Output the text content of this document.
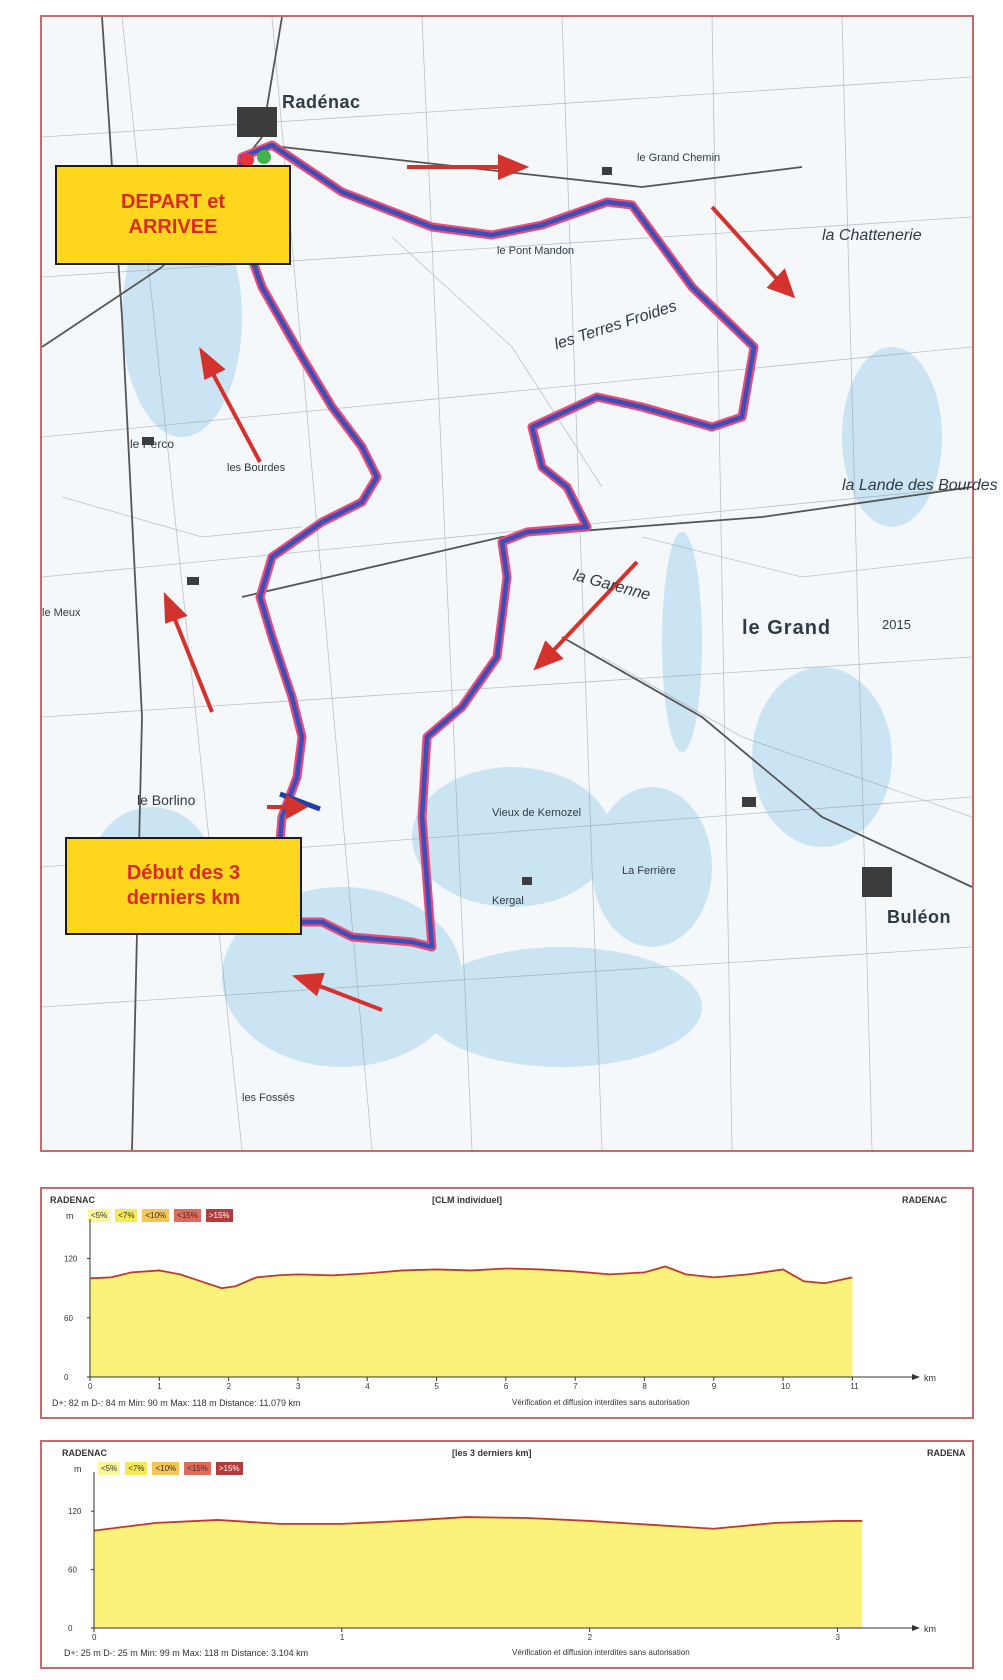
DEPART et
ARRIVEE
Début des 3
derniers km
Radénac
Buléon
le Grand
les Terres Froides
la Chattenerie
la Lande des Bourdes
la Garenne
Vieux de Kernozel
2015
le Grand Chemin
le Pont Mandon
le Borlino
les Bourdes
Kergal
La Ferrière
le Perco
le Meux
les Fossés
RADENAC	[CLM individuel]	RADENAC
m	<5%	<7%	<10%	<15%	>15%
0
60
120
0	1	2	3	4	5	6	7	8	9	10	11
km
D+: 82 m D-: 84 m Min: 90 m Max: 118 m Distance: 11.079 km	Vérification et diffusion interdites sans autorisation
RADENAC	[les 3 derniers km]	RADENA
m	<5%	<7%	<10%	<15%	>15%
0
60
120
0	1	2	3
km
D+: 25 m D-: 25 m Min: 99 m Max: 118 m Distance: 3.104 km	Vérification et diffusion interdites sans autorisation
